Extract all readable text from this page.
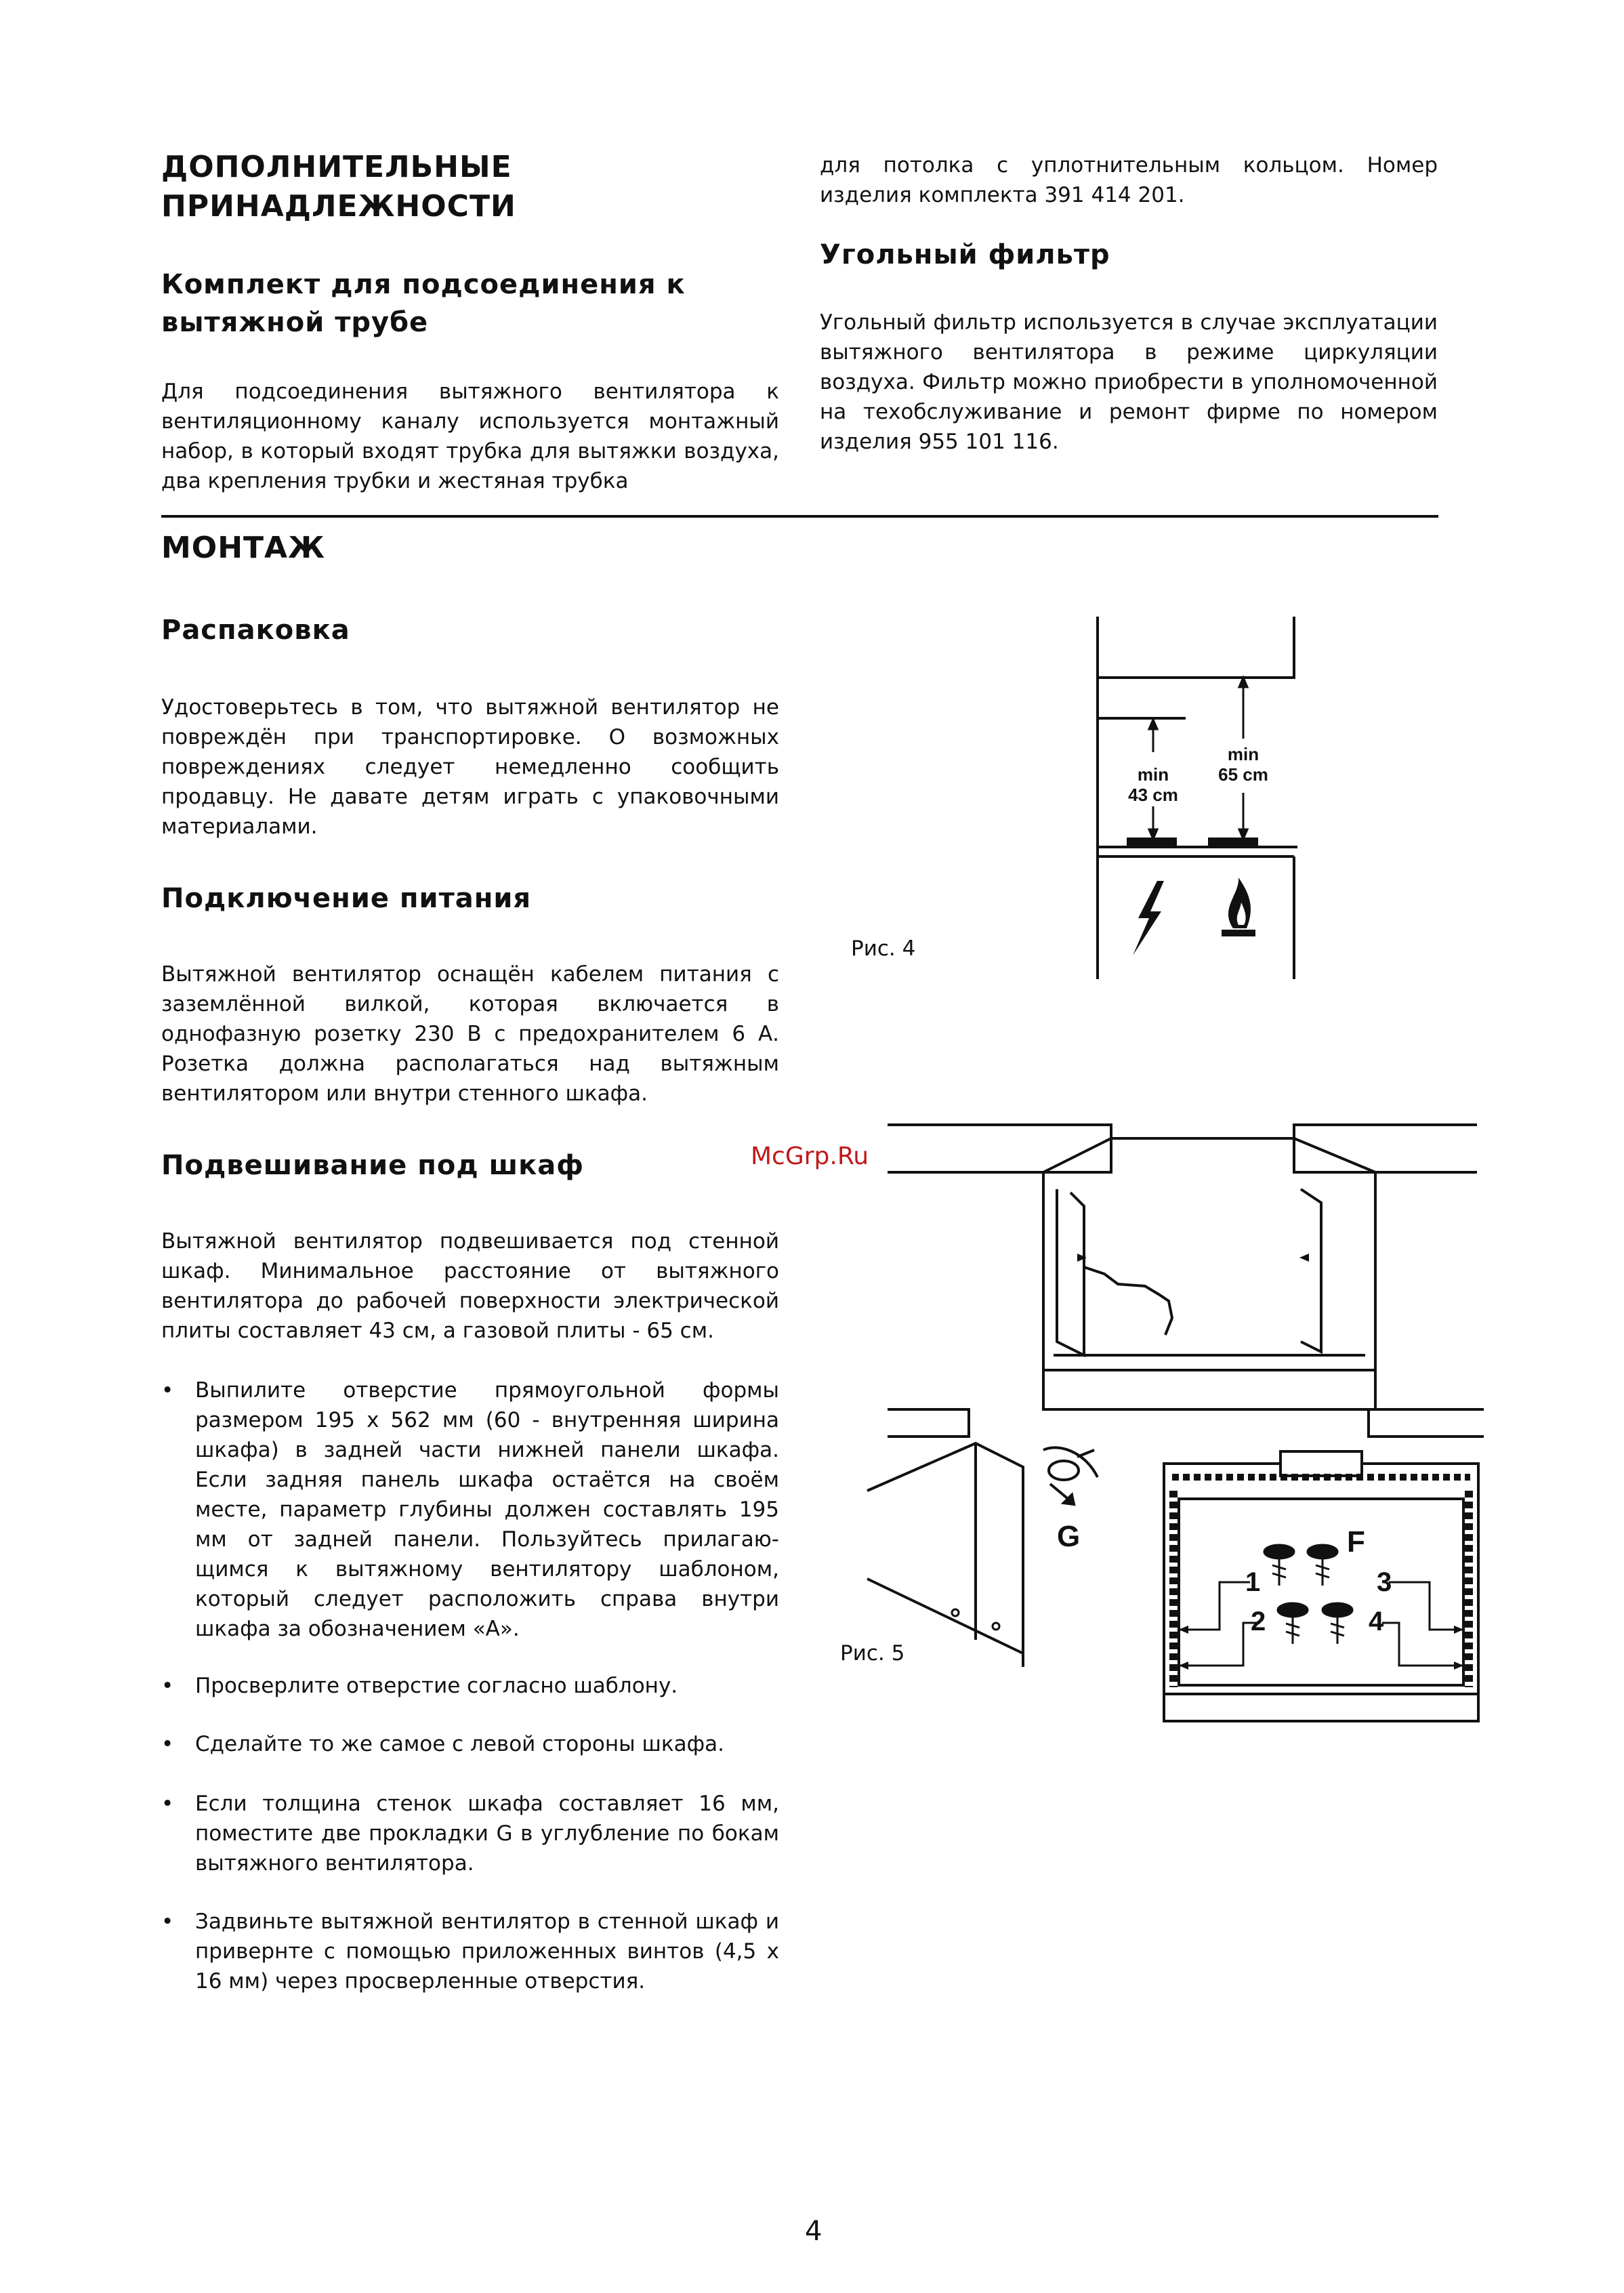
ДОПОЛНИТЕЛЬНЫЕ ПРИНАДЛЕЖНОСТИ
Комплект для подсоединения к вытяжной трубе

Для подсоединения вытяжного вентилятора к вентиляционному каналу используется монтажный набор, в который входят трубка для вытяжки воздуха, два крепления трубки и жестяная трубка

МОНТАЖ
Распаковка

Удостоверьтесь в том, что вытяжной вентилятор не повреждён при транспортировке. О возможных повреждениях следует немедленно сообщить продавцу. Не давате детям играть с упаковочными материалами.

Подключение питания

Вытяжной вентилятор оснащён кабелем питания с заземлённой вилкой, которая включается в однофазную розетку 230 В с предохранителем 6 А. Розетка должна располагаться над вытяжным вентилятором или внутри стенного шкафа.

Подвешивание под шкаф

Вытяжной вентилятор подвешивается под стенной шкаф. Минимальное расстояние от вытяжного вентилятора до рабочей поверхности электрической плиты составляет 43 см, а газовой плиты - 65 см.

• Выпилите отверстие прямоугольной формы размером 195 х 562 мм (60 - внутренняя ширина шкафа) в задней части нижней панели шкафа. Если задняя панель шкафа остаётся на своём месте, параметр глубины должен составлять 195 мм от задней панели. Пользуйтесь прилагаю-щимся к вытяжному вентилятору шаблоном, который следует расположить справа внутри шкафа за обозначением «А».

• Просверлите отверстие согласно шаблону.

• Сделайте то же самое с левой стороны шкафа.

• Если толщина стенок шкафа составляет 16 мм, поместите две прокладки G в углубление по бокам вытяжного вентилятора.

• Задвиньте вытяжной вентилятор в стенной шкаф и привернте с помощью приложенных винтов (4,5 х 16 мм) через просверленные отверстия.

для потолка с уплотнительным кольцом. Номер изделия комплекта 391 414 201.

Угольный фильтр

Угольный фильтр используется в случае эксплуатации вытяжного вентилятора в режиме циркуляции воздуха. Фильтр можно приобрести в уполномоченной на техобслуживание и ремонт фирме по номером изделия 955 101 116.

Рис. 4
min
43 cm
min
65 cm
McGrp.Ru
Рис. 5
G	F
1
2
3
4
4
